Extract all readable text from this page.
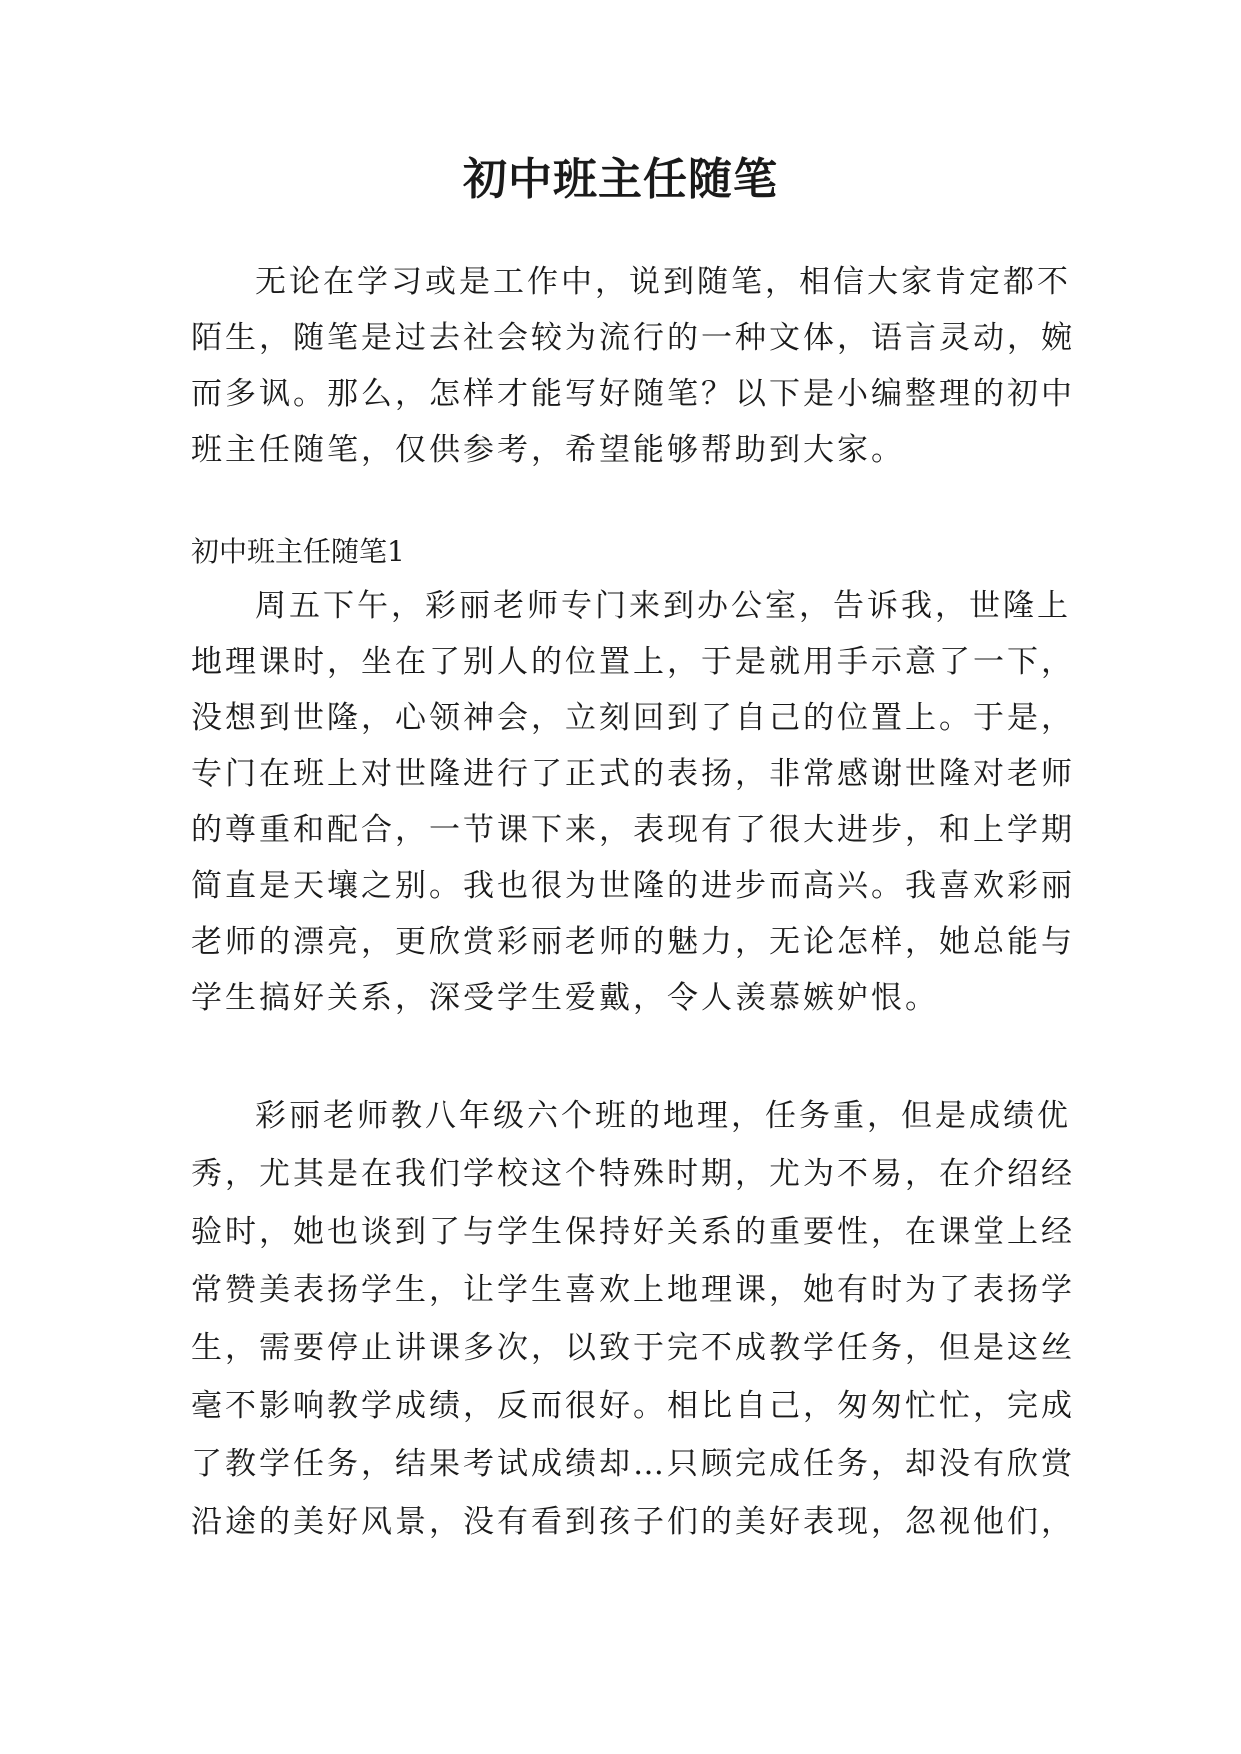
初中班主任随笔

无论在学习或是工作中，说到随笔，相信大家肯定都不

陌生，随笔是过去社会较为流行的一种文体，语言灵动，婉

而多讽。那么，怎样才能写好随笔？以下是小编整理的初中

班主任随笔，仅供参考，希望能够帮助到大家。

初中班主任随笔1

周五下午，彩丽老师专门来到办公室，告诉我，世隆上

地理课时，坐在了别人的位置上，于是就用手示意了一下，

没想到世隆，心领神会，立刻回到了自己的位置上。于是，

专门在班上对世隆进行了正式的表扬，非常感谢世隆对老师

的尊重和配合，一节课下来，表现有了很大进步，和上学期

简直是天壤之别。我也很为世隆的进步而高兴。我喜欢彩丽

老师的漂亮，更欣赏彩丽老师的魅力，无论怎样，她总能与

学生搞好关系，深受学生爱戴，令人羡慕嫉妒恨。

彩丽老师教八年级六个班的地理，任务重，但是成绩优

秀，尤其是在我们学校这个特殊时期，尤为不易，在介绍经

验时，她也谈到了与学生保持好关系的重要性，在课堂上经

常赞美表扬学生，让学生喜欢上地理课，她有时为了表扬学

生，需要停止讲课多次，以致于完不成教学任务，但是这丝

毫不影响教学成绩，反而很好。相比自己，匆匆忙忙，完成

了教学任务，结果考试成绩却…只顾完成任务，却没有欣赏

沿途的美好风景，没有看到孩子们的美好表现，忽视他们，
